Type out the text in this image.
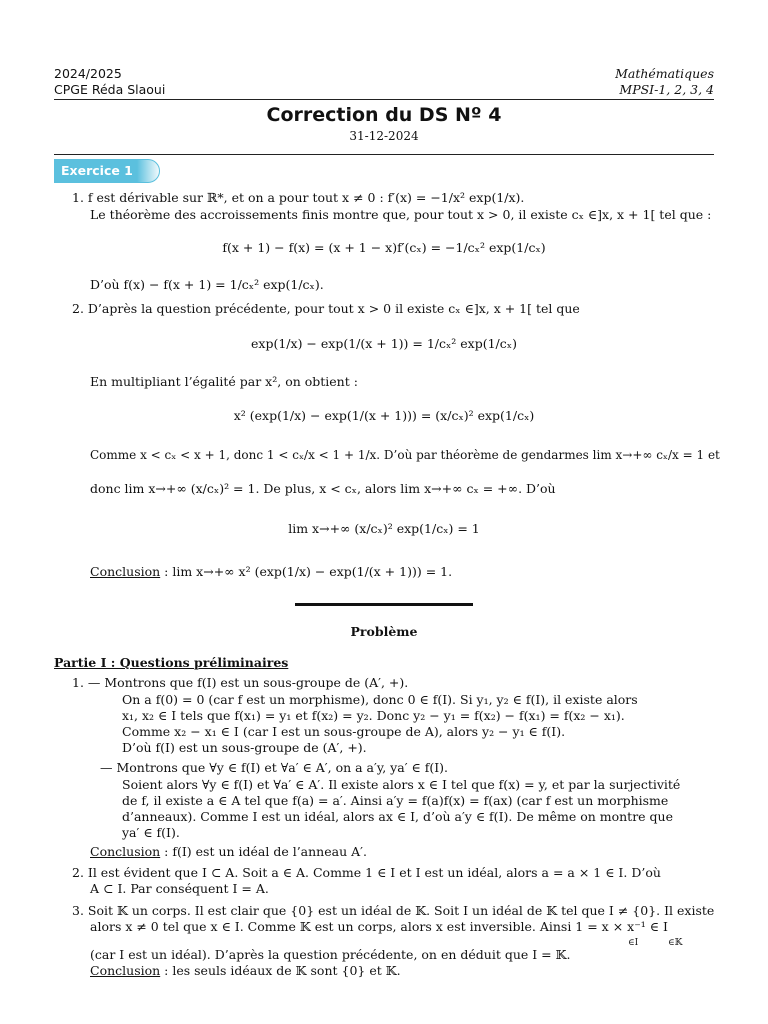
2024/2025
CPGE Réda Slaoui
Mathématiques
MPSI-1, 2, 3, 4
Correction du DS Nº 4
31-12-2024
Exercice 1
1. f est dérivable sur ℝ*, et on a pour tout x ≠ 0 : f′(x) = −1/x² exp(1/x).
Le théorème des accroissements finis montre que, pour tout x > 0, il existe cₓ ∈]x, x + 1[ tel que :
f(x + 1) − f(x) = (x + 1 − x)f′(cₓ) = −1/cₓ² exp(1/cₓ)
D’où f(x) − f(x + 1) = 1/cₓ² exp(1/cₓ).
2. D’après la question précédente, pour tout x > 0 il existe cₓ ∈]x, x + 1[ tel que
exp(1/x) − exp(1/(x + 1)) = 1/cₓ² exp(1/cₓ)
En multipliant l’égalité par x², on obtient :
x² (exp(1/x) − exp(1/(x + 1))) = (x/cₓ)² exp(1/cₓ)
Comme x < cₓ < x + 1, donc 1 < cₓ/x < 1 + 1/x. D’où par théorème de gendarmes lim x→+∞ cₓ/x = 1 et
donc lim x→+∞ (x/cₓ)² = 1. De plus, x < cₓ, alors lim x→+∞ cₓ = +∞. D’où
lim x→+∞ (x/cₓ)² exp(1/cₓ) = 1
Conclusion : lim x→+∞ x² (exp(1/x) − exp(1/(x + 1))) = 1.
Problème
Partie I : Questions préliminaires
1. — Montrons que f(I) est un sous-groupe de (A′, +).
On a f(0) = 0 (car f est un morphisme), donc 0 ∈ f(I). Si y₁, y₂ ∈ f(I), il existe alors
x₁, x₂ ∈ I tels que f(x₁) = y₁ et f(x₂) = y₂. Donc y₂ − y₁ = f(x₂) − f(x₁) = f(x₂ − x₁).
Comme x₂ − x₁ ∈ I (car I est un sous-groupe de A), alors y₂ − y₁ ∈ f(I).
D’où f(I) est un sous-groupe de (A′, +).
— Montrons que ∀y ∈ f(I) et ∀a′ ∈ A′, on a a′y, ya′ ∈ f(I).
Soient alors ∀y ∈ f(I) et ∀a′ ∈ A′. Il existe alors x ∈ I tel que f(x) = y, et par la surjectivité
de f, il existe a ∈ A tel que f(a) = a′. Ainsi a′y = f(a)f(x) = f(ax) (car f est un morphisme
d’anneaux). Comme I est un idéal, alors ax ∈ I, d’où a′y ∈ f(I). De même on montre que
ya′ ∈ f(I).
Conclusion : f(I) est un idéal de l’anneau A′.
2. Il est évident que I ⊂ A. Soit a ∈ A. Comme 1 ∈ I et I est un idéal, alors a = a × 1 ∈ I. D’où
A ⊂ I. Par conséquent I = A.
3. Soit 𝕂 un corps. Il est clair que {0} est un idéal de 𝕂. Soit I un idéal de 𝕂 tel que I ≠ {0}. Il existe
alors x ≠ 0 tel que x ∈ I. Comme 𝕂 est un corps, alors x est inversible. Ainsi 1 = x × x⁻¹ ∈ I
∈I	∈𝕂
(car I est un idéal). D’après la question précédente, on en déduit que I = 𝕂.
Conclusion : les seuls idéaux de 𝕂 sont {0} et 𝕂.
